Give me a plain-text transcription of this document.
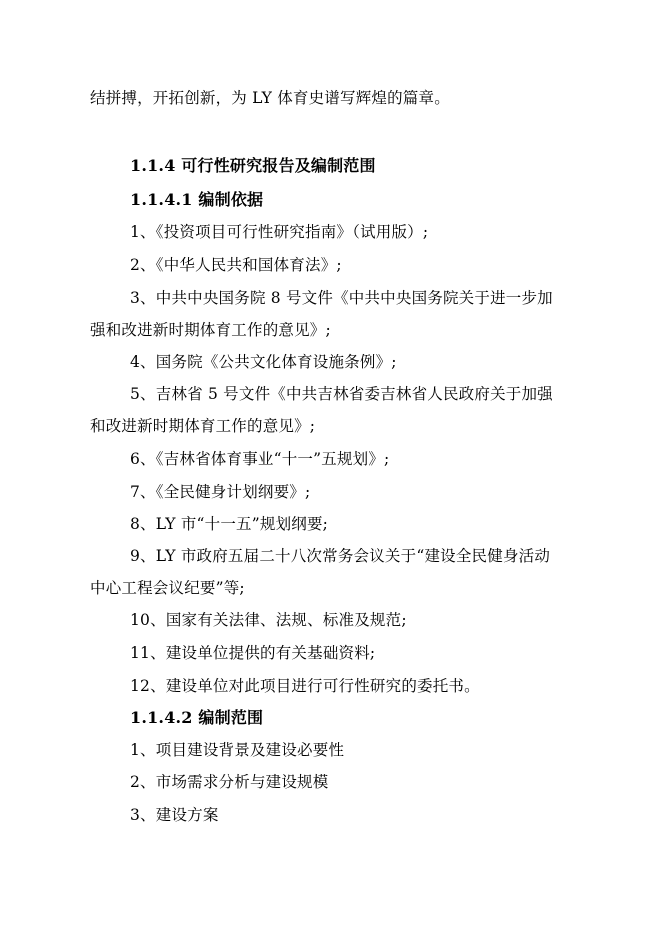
结拼搏，开拓创新，为 LY 体育史谱写辉煌的篇章。
1.1.4 可行性研究报告及编制范围
1.1.4.1 编制依据
1、《投资项目可行性研究指南》（试用版）;
2、《中华人民共和国体育法》;
3、中共中央国务院 8 号文件《中共中央国务院关于进一步加
强和改进新时期体育工作的意见》;
4、国务院《公共文化体育设施条例》;
5、吉林省 5 号文件《中共吉林省委吉林省人民政府关于加强
和改进新时期体育工作的意见》;
6、《吉林省体育事业“十一”五规划》;
7、《全民健身计划纲要》;
8、LY 市“十一五”规划纲要;
9、LY 市政府五届二十八次常务会议关于“建设全民健身活动
中心工程会议纪要”等;
10、国家有关法律、法规、标准及规范;
11、建设单位提供的有关基础资料;
12、建设单位对此项目进行可行性研究的委托书。
1.1.4.2 编制范围
1、项目建设背景及建设必要性
2、市场需求分析与建设规模
3、建设方案
